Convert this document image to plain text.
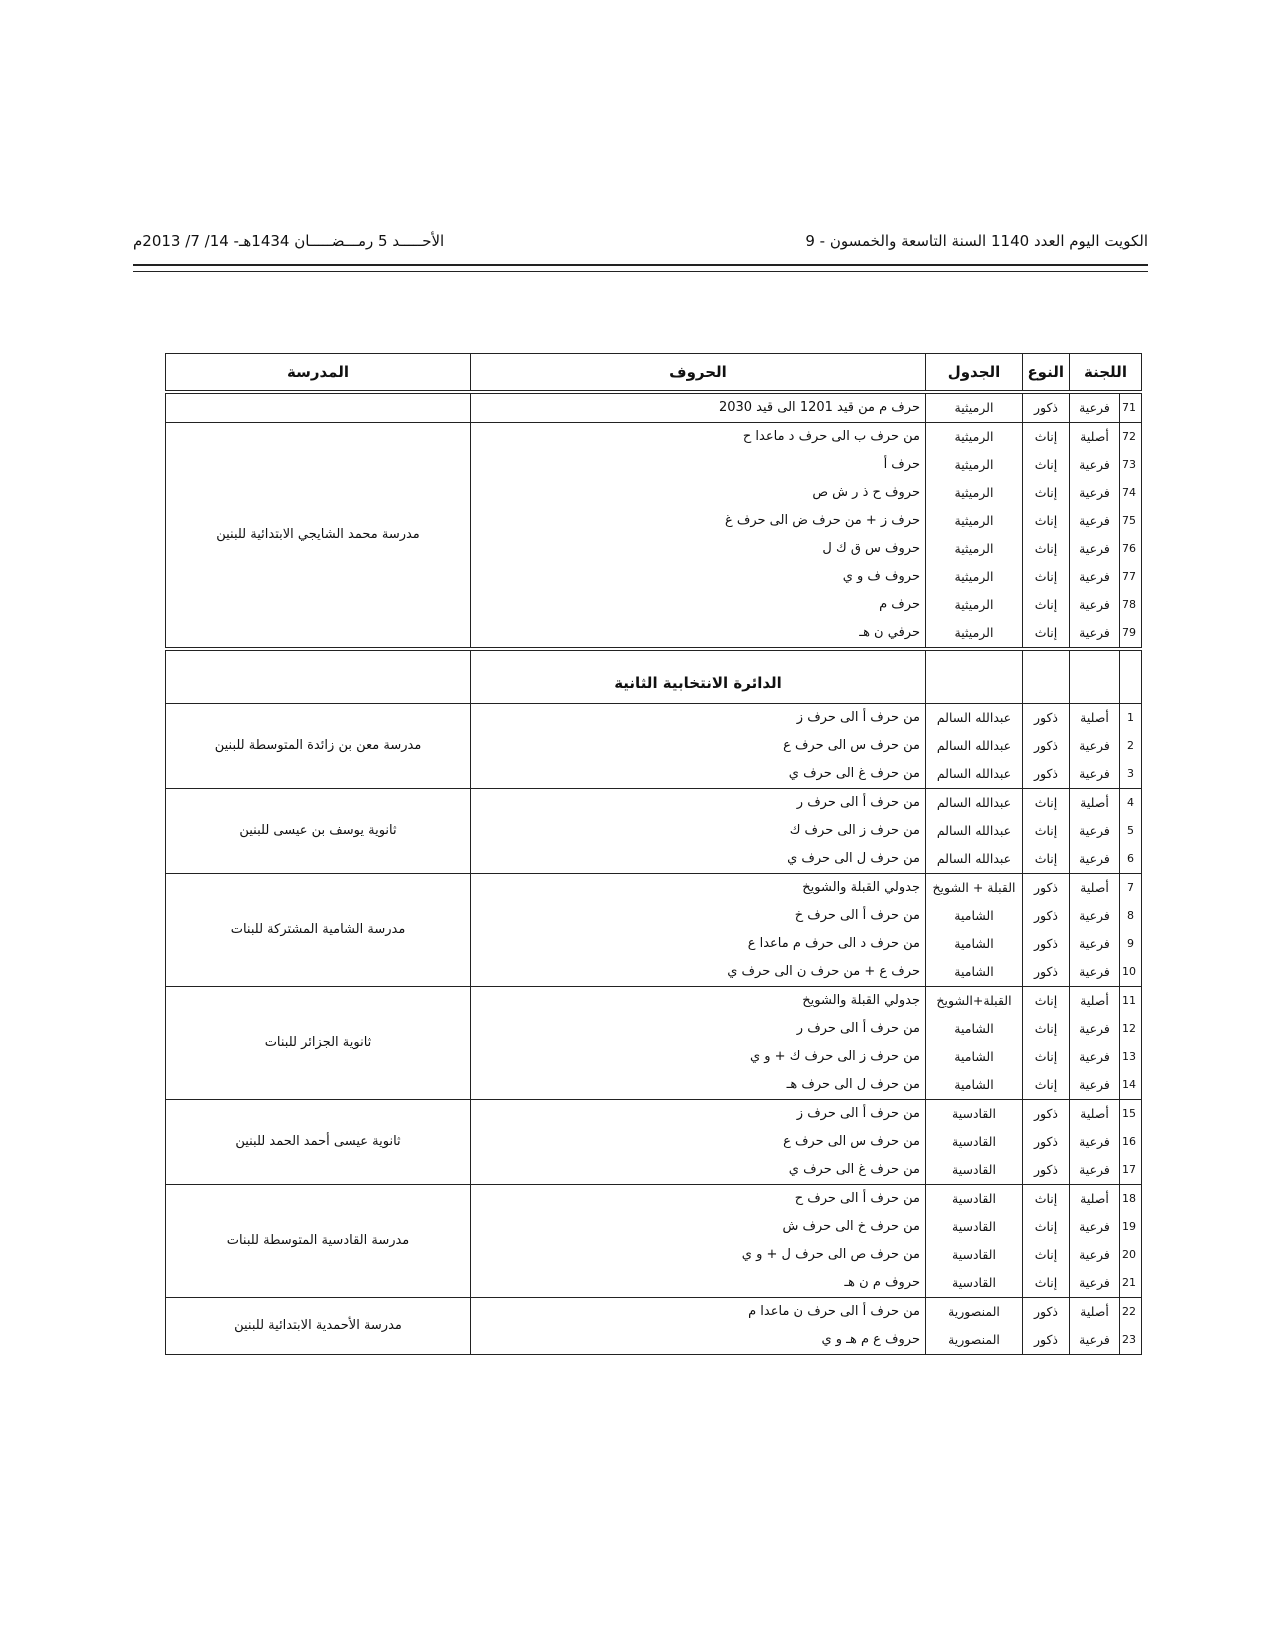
الأحـــــد 5 رمـــضـــــان 1434هـ- 14/ 7/ 2013م	الكويت اليوم العدد 1140 السنة التاسعة والخمسون - 9
اللجنة		النوع	الجدول	الحروف	المدرسة
71	فرعية	ذكور	الرميثية	حرف م من قيد 1201 الى قيد 2030	
72	أصلية	إناث	الرميثية	من حرف ب الى حرف د ماعدا ح	مدرسة محمد الشايجي الابتدائية للبنين
73	فرعية	إناث	الرميثية	حرف أ	
74	فرعية	إناث	الرميثية	حروف ح ذ ر ش ص	
75	فرعية	إناث	الرميثية	حرف ز + من حرف ض الى حرف غ	
76	فرعية	إناث	الرميثية	حروف س ق ك ل	
77	فرعية	إناث	الرميثية	حروف ف و ي	
78	فرعية	إناث	الرميثية	حرف م	
79	فرعية	إناث	الرميثية	حرفي ن هـ	
				الدائرة الانتخابية الثانية	
1	أصلية	ذكور	عبدالله السالم	من حرف أ الى حرف ز	مدرسة معن بن زائدة المتوسطة للبنين
2	فرعية	ذكور	عبدالله السالم	من حرف س الى حرف ع	
3	فرعية	ذكور	عبدالله السالم	من حرف غ الى حرف ي	
4	أصلية	إناث	عبدالله السالم	من حرف أ الى حرف ر	ثانوية يوسف بن عيسى للبنين
5	فرعية	إناث	عبدالله السالم	من حرف ز الى حرف ك	
6	فرعية	إناث	عبدالله السالم	من حرف ل الى حرف ي	
7	أصلية	ذكور	القبلة + الشويخ	جدولي القبلة والشويخ	مدرسة الشامية المشتركة للبنات
8	فرعية	ذكور	الشامية	من حرف أ الى حرف خ	
9	فرعية	ذكور	الشامية	من حرف د الى حرف م ماعدا ع	
10	فرعية	ذكور	الشامية	حرف ع + من حرف ن الى حرف ي	
11	أصلية	إناث	القبلة+الشويخ	جدولي القبلة والشويخ	ثانوية الجزائر للبنات
12	فرعية	إناث	الشامية	من حرف أ الى حرف ر	
13	فرعية	إناث	الشامية	من حرف ز الى حرف ك + و ي	
14	فرعية	إناث	الشامية	من حرف ل الى حرف هـ	
15	أصلية	ذكور	القادسية	من حرف أ الى حرف ز	ثانوية عيسى أحمد الحمد للبنين
16	فرعية	ذكور	القادسية	من حرف س الى حرف ع	
17	فرعية	ذكور	القادسية	من حرف غ الى حرف ي	
18	أصلية	إناث	القادسية	من حرف أ الى حرف ح	مدرسة القادسية المتوسطة للبنات
19	فرعية	إناث	القادسية	من حرف خ الى حرف ش	
20	فرعية	إناث	القادسية	من حرف ص الى حرف ل + و ي	
21	فرعية	إناث	القادسية	حروف م ن هـ	
22	أصلية	ذكور	المنصورية	من حرف أ الى حرف ن ماعدا م	مدرسة الأحمدية الابتدائية للبنين
23	فرعية	ذكور	المنصورية	حروف ع م هـ و ي	
